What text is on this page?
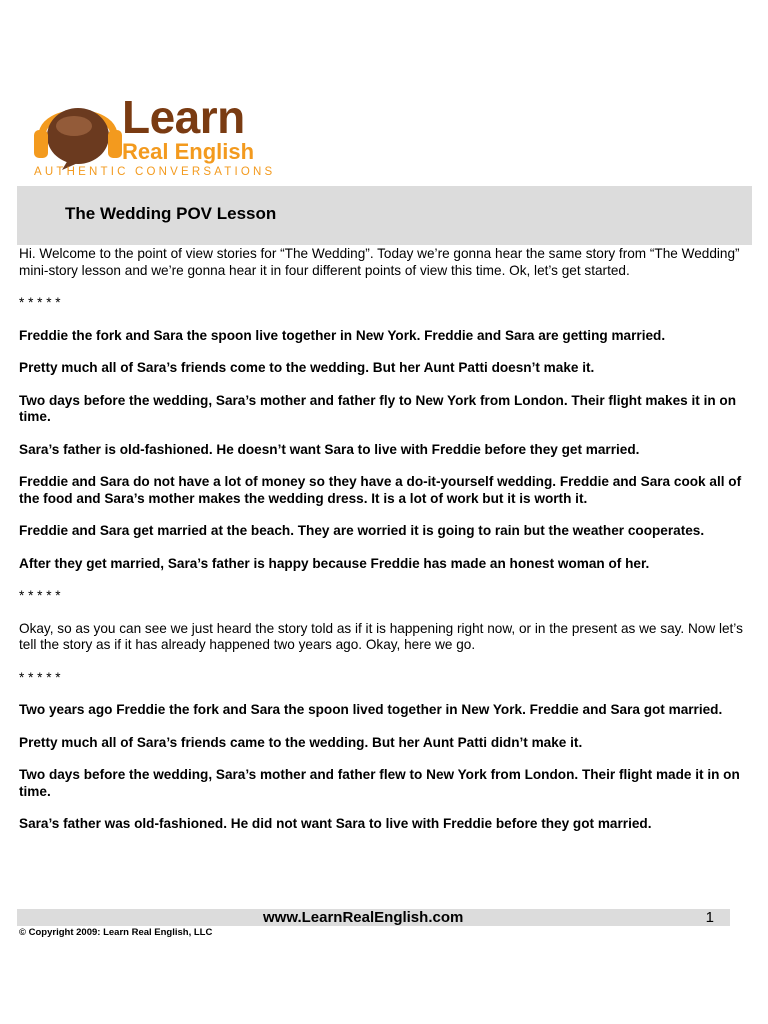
Learn
Real English
AUTHENTIC CONVERSATIONS
The Wedding POV Lesson

Hi. Welcome to the point of view stories for “The Wedding”. Today we’re gonna hear the same story from “The Wedding” mini-story lesson and we’re gonna hear it in four different points of view this time. Ok, let’s get started.

* * * * *

Freddie the fork and Sara the spoon live together in New York. Freddie and Sara are getting married.

Pretty much all of Sara’s friends come to the wedding. But her Aunt Patti doesn’t make it.

Two days before the wedding, Sara’s mother and father fly to New York from London. Their flight makes it in on time.

Sara’s father is old-fashioned. He doesn’t want Sara to live with Freddie before they get married.

Freddie and Sara do not have a lot of money so they have a do-it-yourself wedding. Freddie and Sara cook all of the food and Sara’s mother makes the wedding dress. It is a lot of work but it is worth it.

Freddie and Sara get married at the beach. They are worried it is going to rain but the weather cooperates.

After they get married, Sara’s father is happy because Freddie has made an honest woman of her.

* * * * *

Okay, so as you can see we just heard the story told as if it is happening right now, or in the present as we say. Now let’s tell the story as if it has already happened two years ago. Okay, here we go.

* * * * *

Two years ago Freddie the fork and Sara the spoon lived together in New York. Freddie and Sara got married.

Pretty much all of Sara’s friends came to the wedding. But her Aunt Patti didn’t make it.

Two days before the wedding, Sara’s mother and father flew to New York from London. Their flight made it in on time.

Sara’s father was old-fashioned. He did not want Sara to live with Freddie before they got married.

www.LearnRealEnglish.com	1
© Copyright 2009: Learn Real English, LLC
